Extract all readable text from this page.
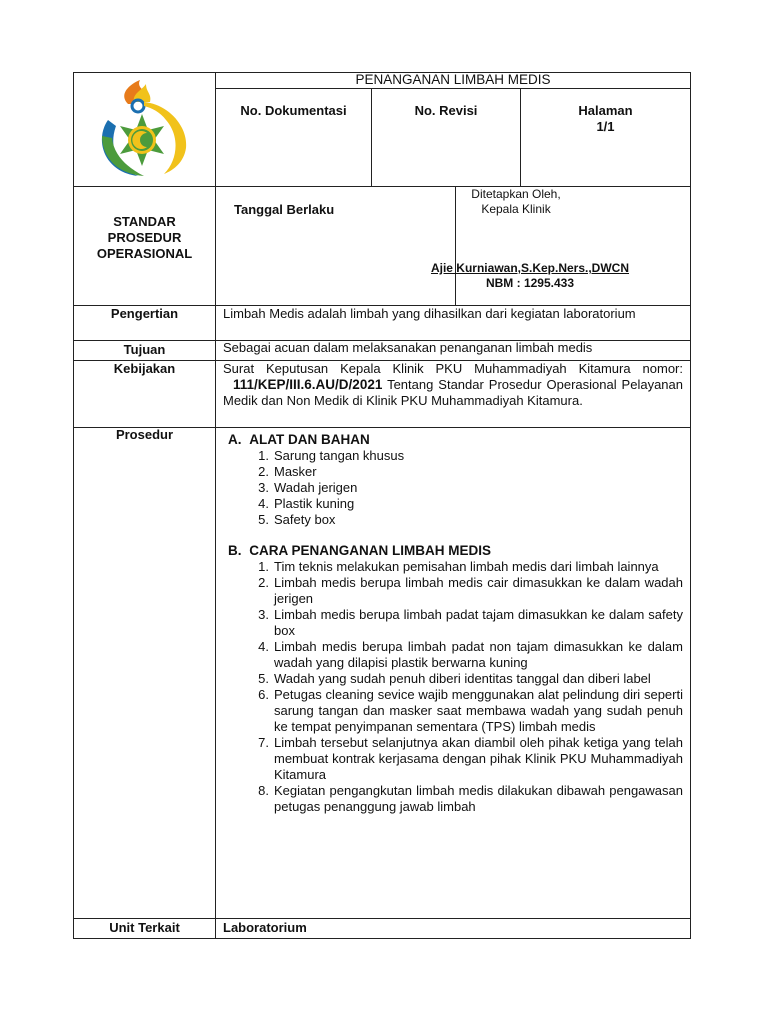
PENANGANAN LIMBAH MEDIS
No. Dokumentasi	No. Revisi	Halaman
1/1
STANDAR
PROSEDUR
OPERASIONAL
Tanggal Berlaku
Ditetapkan Oleh,
Kepala Klinik
Ajie Kurniawan,S.Kep.Ners.,DWCN
NBM : 1295.433
Pengertian	Limbah Medis adalah limbah yang dihasilkan dari kegiatan laboratorium
Tujuan	Sebagai acuan dalam melaksanakan penanganan limbah medis
Kebijakan	Surat Keputusan Kepala Klinik PKU Muhammadiyah Kitamura nomor: 111/KEP/III.6.AU/D/2021 Tentang Standar Prosedur Operasional Pelayanan Medik dan Non Medik di Klinik PKU Muhammadiyah Kitamura.
Prosedur	A. ALAT DAN BAHAN
1. Sarung tangan khusus
2. Masker
3. Wadah jerigen
4. Plastik kuning
5. Safety box
B. CARA PENANGANAN LIMBAH MEDIS
1. Tim teknis melakukan pemisahan limbah medis dari limbah lainnya
2. Limbah medis berupa limbah medis cair dimasukkan ke dalam wadah jerigen
3. Limbah medis berupa limbah padat tajam dimasukkan ke dalam safety box
4. Limbah medis berupa limbah padat non tajam dimasukkan ke dalam wadah yang dilapisi plastik berwarna kuning
5. Wadah yang sudah penuh diberi identitas tanggal dan diberi label
6. Petugas cleaning sevice wajib menggunakan alat pelindung diri seperti sarung tangan dan masker saat membawa wadah yang sudah penuh ke tempat penyimpanan sementara (TPS) limbah medis
7. Limbah tersebut selanjutnya akan diambil oleh pihak ketiga yang telah membuat kontrak kerjasama dengan pihak Klinik PKU Muhammadiyah Kitamura
8. Kegiatan pengangkutan limbah medis dilakukan dibawah pengawasan petugas penanggung jawab limbah
Unit Terkait	Laboratorium
